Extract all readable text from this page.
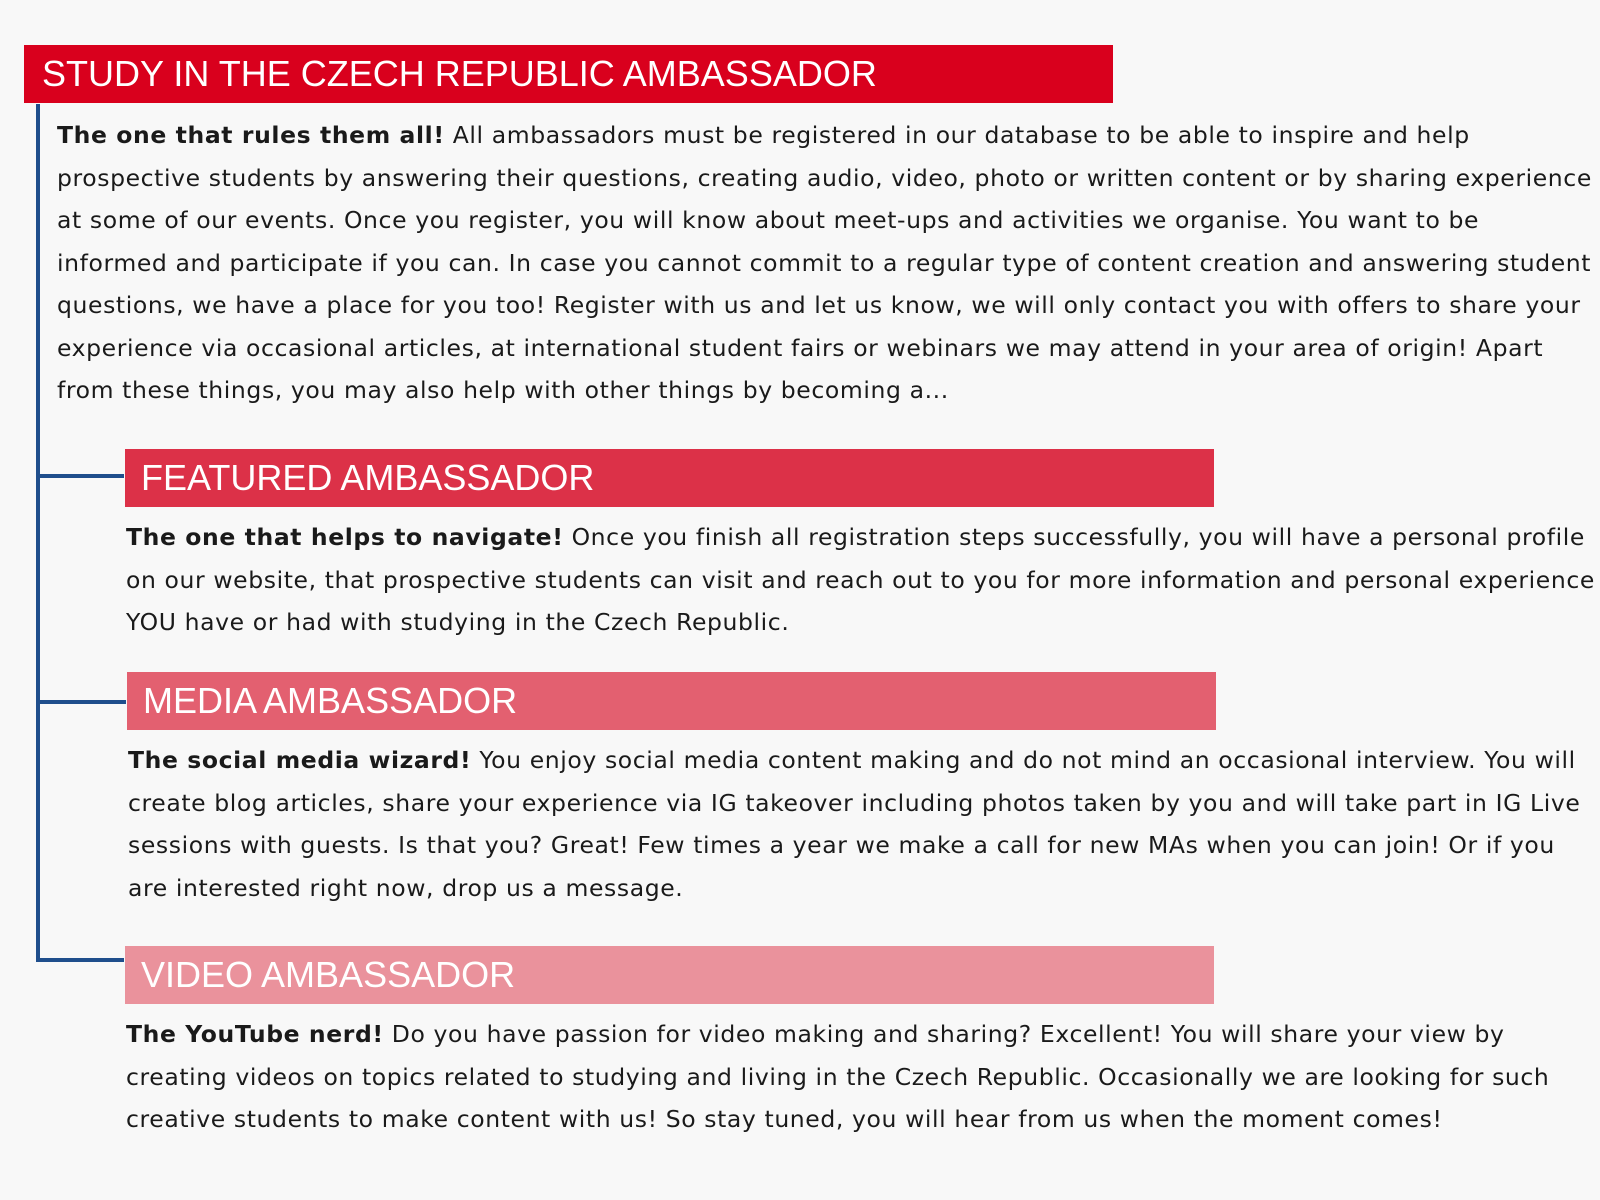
STUDY IN THE CZECH REPUBLIC AMBASSADOR

The one that rules them all! All ambassadors must be registered in our database to be able to inspire and help prospective students by answering their questions, creating audio, video, photo or written content or by sharing experience at some of our events. Once you register, you will know about meet-ups and activities we organise. You want to be informed and participate if you can. In case you cannot commit to a regular type of content creation and answering student questions, we have a place for you too! Register with us and let us know, we will only contact you with offers to share your experience via occasional articles, at international student fairs or webinars we may attend in your area of origin! Apart from these things, you may also help with other things by becoming a...

FEATURED AMBASSADOR

The one that helps to navigate! Once you finish all registration steps successfully, you will have a personal profile on our website, that prospective students can visit and reach out to you for more information and personal experience YOU have or had with studying in the Czech Republic.

MEDIA AMBASSADOR

The social media wizard! You enjoy social media content making and do not mind an occasional interview. You will create blog articles, share your experience via IG takeover including photos taken by you and will take part in IG Live sessions with guests. Is that you? Great! Few times a year we make a call for new MAs when you can join! Or if you are interested right now, drop us a message.

VIDEO AMBASSADOR

The YouTube nerd! Do you have passion for video making and sharing? Excellent! You will share your view by creating videos on topics related to studying and living in the Czech Republic. Occasionally we are looking for such creative students to make content with us! So stay tuned, you will hear from us when the moment comes!
